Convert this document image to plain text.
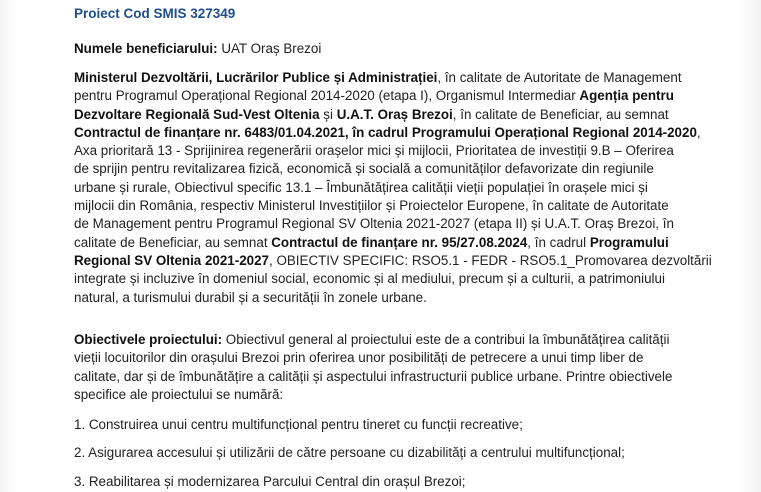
Proiect Cod SMIS 327349
Numele beneficiarului: UAT Oraș Brezoi
Ministerul Dezvoltării, Lucrărilor Publice și Administrației, în calitate de Autoritate de Management
pentru Programul Operațional Regional 2014-2020 (etapa I), Organismul Intermediar Agenția pentru
Dezvoltare Regională Sud-Vest Oltenia și U.A.T. Oraș Brezoi, în calitate de Beneficiar, au semnat
Contractul de finanțare nr. 6483/01.04.2021, în cadrul Programului Operațional Regional 2014-2020,
Axa prioritară 13 - Sprijinirea regenerării orașelor mici și mijlocii, Prioritatea de investiții 9.B – Oferirea
de sprijin pentru revitalizarea fizică, economică și socială a comunităților defavorizate din regiunile
urbane și rurale, Obiectivul specific 13.1 – Îmbunătățirea calității vieții populației în orașele mici și
mijlocii din România, respectiv Ministerul Investițiilor și Proiectelor Europene, în calitate de Autoritate
de Management pentru Programul Regional SV Oltenia 2021-2027 (etapa II) și U.A.T. Oraș Brezoi, în
calitate de Beneficiar, au semnat Contractul de finanțare nr. 95/27.08.2024, în cadrul Programului
Regional SV Oltenia 2021-2027, OBIECTIV SPECIFIC: RSO5.1 - FEDR - RSO5.1_Promovarea dezvoltării
integrate și incluzive în domeniul social, economic și al mediului, precum și a culturii, a patrimoniului
natural, a turismului durabil și a securității în zonele urbane.
Obiectivele proiectului: Obiectivul general al proiectului este de a contribui la îmbunătățirea calității
vieții locuitorilor din orașului Brezoi prin oferirea unor posibilități de petrecere a unui timp liber de
calitate, dar și de îmbunătățire a calității și aspectului infrastructurii publice urbane. Printre obiectivele
specifice ale proiectului se numără:
1. Construirea unui centru multifuncțional pentru tineret cu funcții recreative;
2. Asigurarea accesului și utilizării de către persoane cu dizabilități a centrului multifuncțional;
3. Reabilitarea și modernizarea Parcului Central din orașul Brezoi;
